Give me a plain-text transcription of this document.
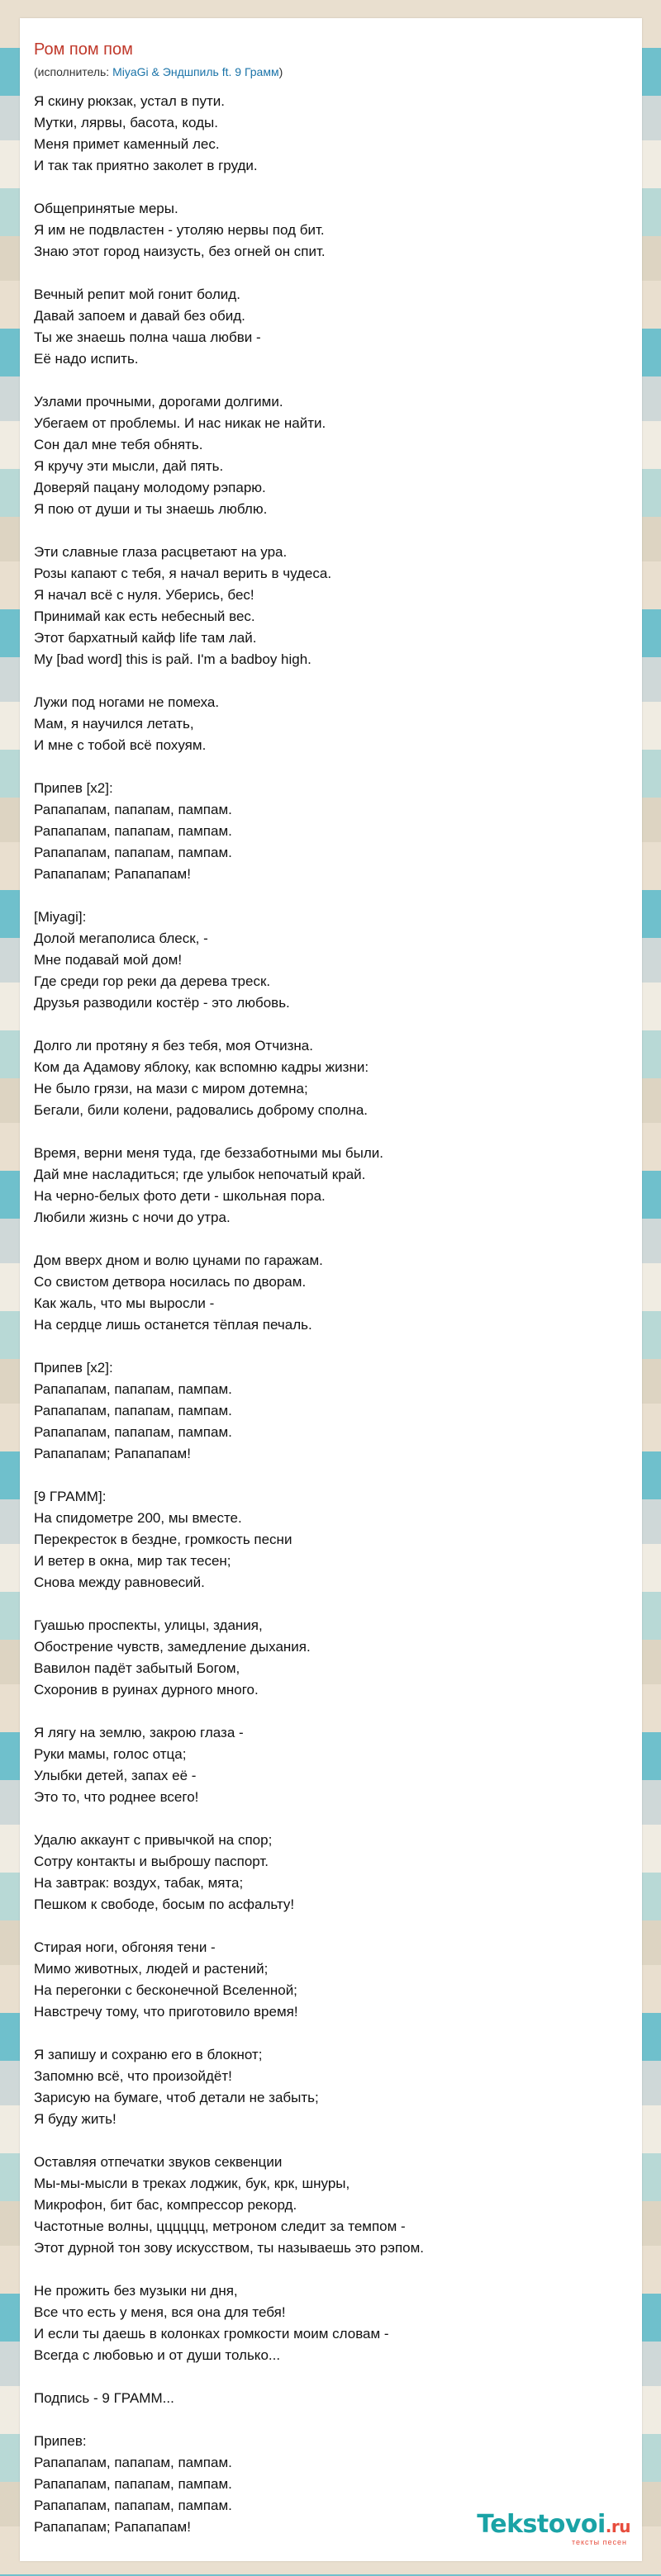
Ром пом пом
(исполнитель: MiyaGi & Эндшпиль ft. 9 Грамм)
Я скину рюкзак, устал в пути.
Мутки, лярвы, басота, коды.
Меня примет каменный лес.
И так так приятно заколет в груди.
Общепринятые меры.
Я им не подвластен - утоляю нервы под бит.
Знаю этот город наизусть, без огней он спит.
Вечный репит мой гонит болид.
Давай запоем и давай без обид.
Ты же знаешь полна чаша любви -
Её надо испить.
Узлами прочными, дорогами долгими.
Убегаем от проблемы. И нас никак не найти.
Сон дал мне тебя обнять.
Я кручу эти мысли, дай пять.
Доверяй пацану молодому рэпарю.
Я пою от души и ты знаешь люблю.
Эти славные глаза расцветают на ура.
Розы капают с тебя, я начал верить в чудеса.
Я начал всё с нуля. Уберись, бес!
Принимай как есть небесный вес.
Этот бархатный кайф life там лай.
My [bad word] this is рай. I'm a badboy high.
Лужи под ногами не помеха.
Мам, я научился летать,
И мне с тобой всё похуям.
Припев [x2]:
Рапапапам, папапам, пампам.
Рапапапам, папапам, пампам.
Рапапапам, папапам, пампам.
Рапапапам; Рапапапам!
[Miyagi]:
Долой мегаполиса блеск, -
Мне подавай мой дом!
Где среди гор реки да дерева треск.
Друзья разводили костёр - это любовь.
Долго ли протяну я без тебя, моя Отчизна.
Ком да Адамову яблоку, как вспомню кадры жизни:
Не было грязи, на мази с миром дотемна;
Бегали, били колени, радовались доброму сполна.
Время, верни меня туда, где беззаботными мы были.
Дай мне насладиться; где улыбок непочатый край.
На черно-белых фото дети - школьная пора.
Любили жизнь с ночи до утра.
Дом вверх дном и волю цунами по гаражам.
Со свистом детвора носилась по дворам.
Как жаль, что мы выросли -
На сердце лишь останется тёплая печаль.
Припев [x2]:
Рапапапам, папапам, пампам.
Рапапапам, папапам, пампам.
Рапапапам, папапам, пампам.
Рапапапам; Рапапапам!
[9 ГРАММ]:
На спидометре 200, мы вместе.
Перекресток в бездне, громкость песни
И ветер в окна, мир так тесен;
Снова между равновесий.
Гуашью проспекты, улицы, здания,
Обострение чувств, замедление дыхания.
Вавилон падёт забытый Богом,
Схоронив в руинах дурного много.
Я лягу на землю, закрою глаза -
Руки мамы, голос отца;
Улыбки детей, запах её -
Это то, что роднее всего!
Удалю аккаунт с привычкой на спор;
Сотру контакты и выброшу паспорт.
На завтрак: воздух, табак, мята;
Пешком к свободе, босым по асфальту!
Стирая ноги, обгоняя тени -
Мимо животных, людей и растений;
На перегонки с бесконечной Вселенной;
Навстречу тому, что приготовило время!
Я запишу и сохраню его в блокнот;
Запомню всё, что произойдёт!
Зарисую на бумаге, чтоб детали не забыть;
Я буду жить!
Оставляя отпечатки звуков секвенции
Мы-мы-мысли в треках лоджик, бук, крк, шнуры,
Микрофон, бит бас, компрессор рекорд.
Частотные волны, цццццц, метроном следит за темпом -
Этот дурной тон зову искусством, ты называешь это рэпом.
Не прожить без музыки ни дня,
Все что есть у меня, вся она для тебя!
И если ты даешь в колонках громкости моим словам -
Всегда с любовью и от души только...
Подпись - 9 ГРАММ...
Припев:
Рапапапам, папапам, пампам.
Рапапапам, папапам, пампам.
Рапапапам, папапам, пампам.
Рапапапам; Рапапапам!	Tekstovoi.ru
тексты песен
